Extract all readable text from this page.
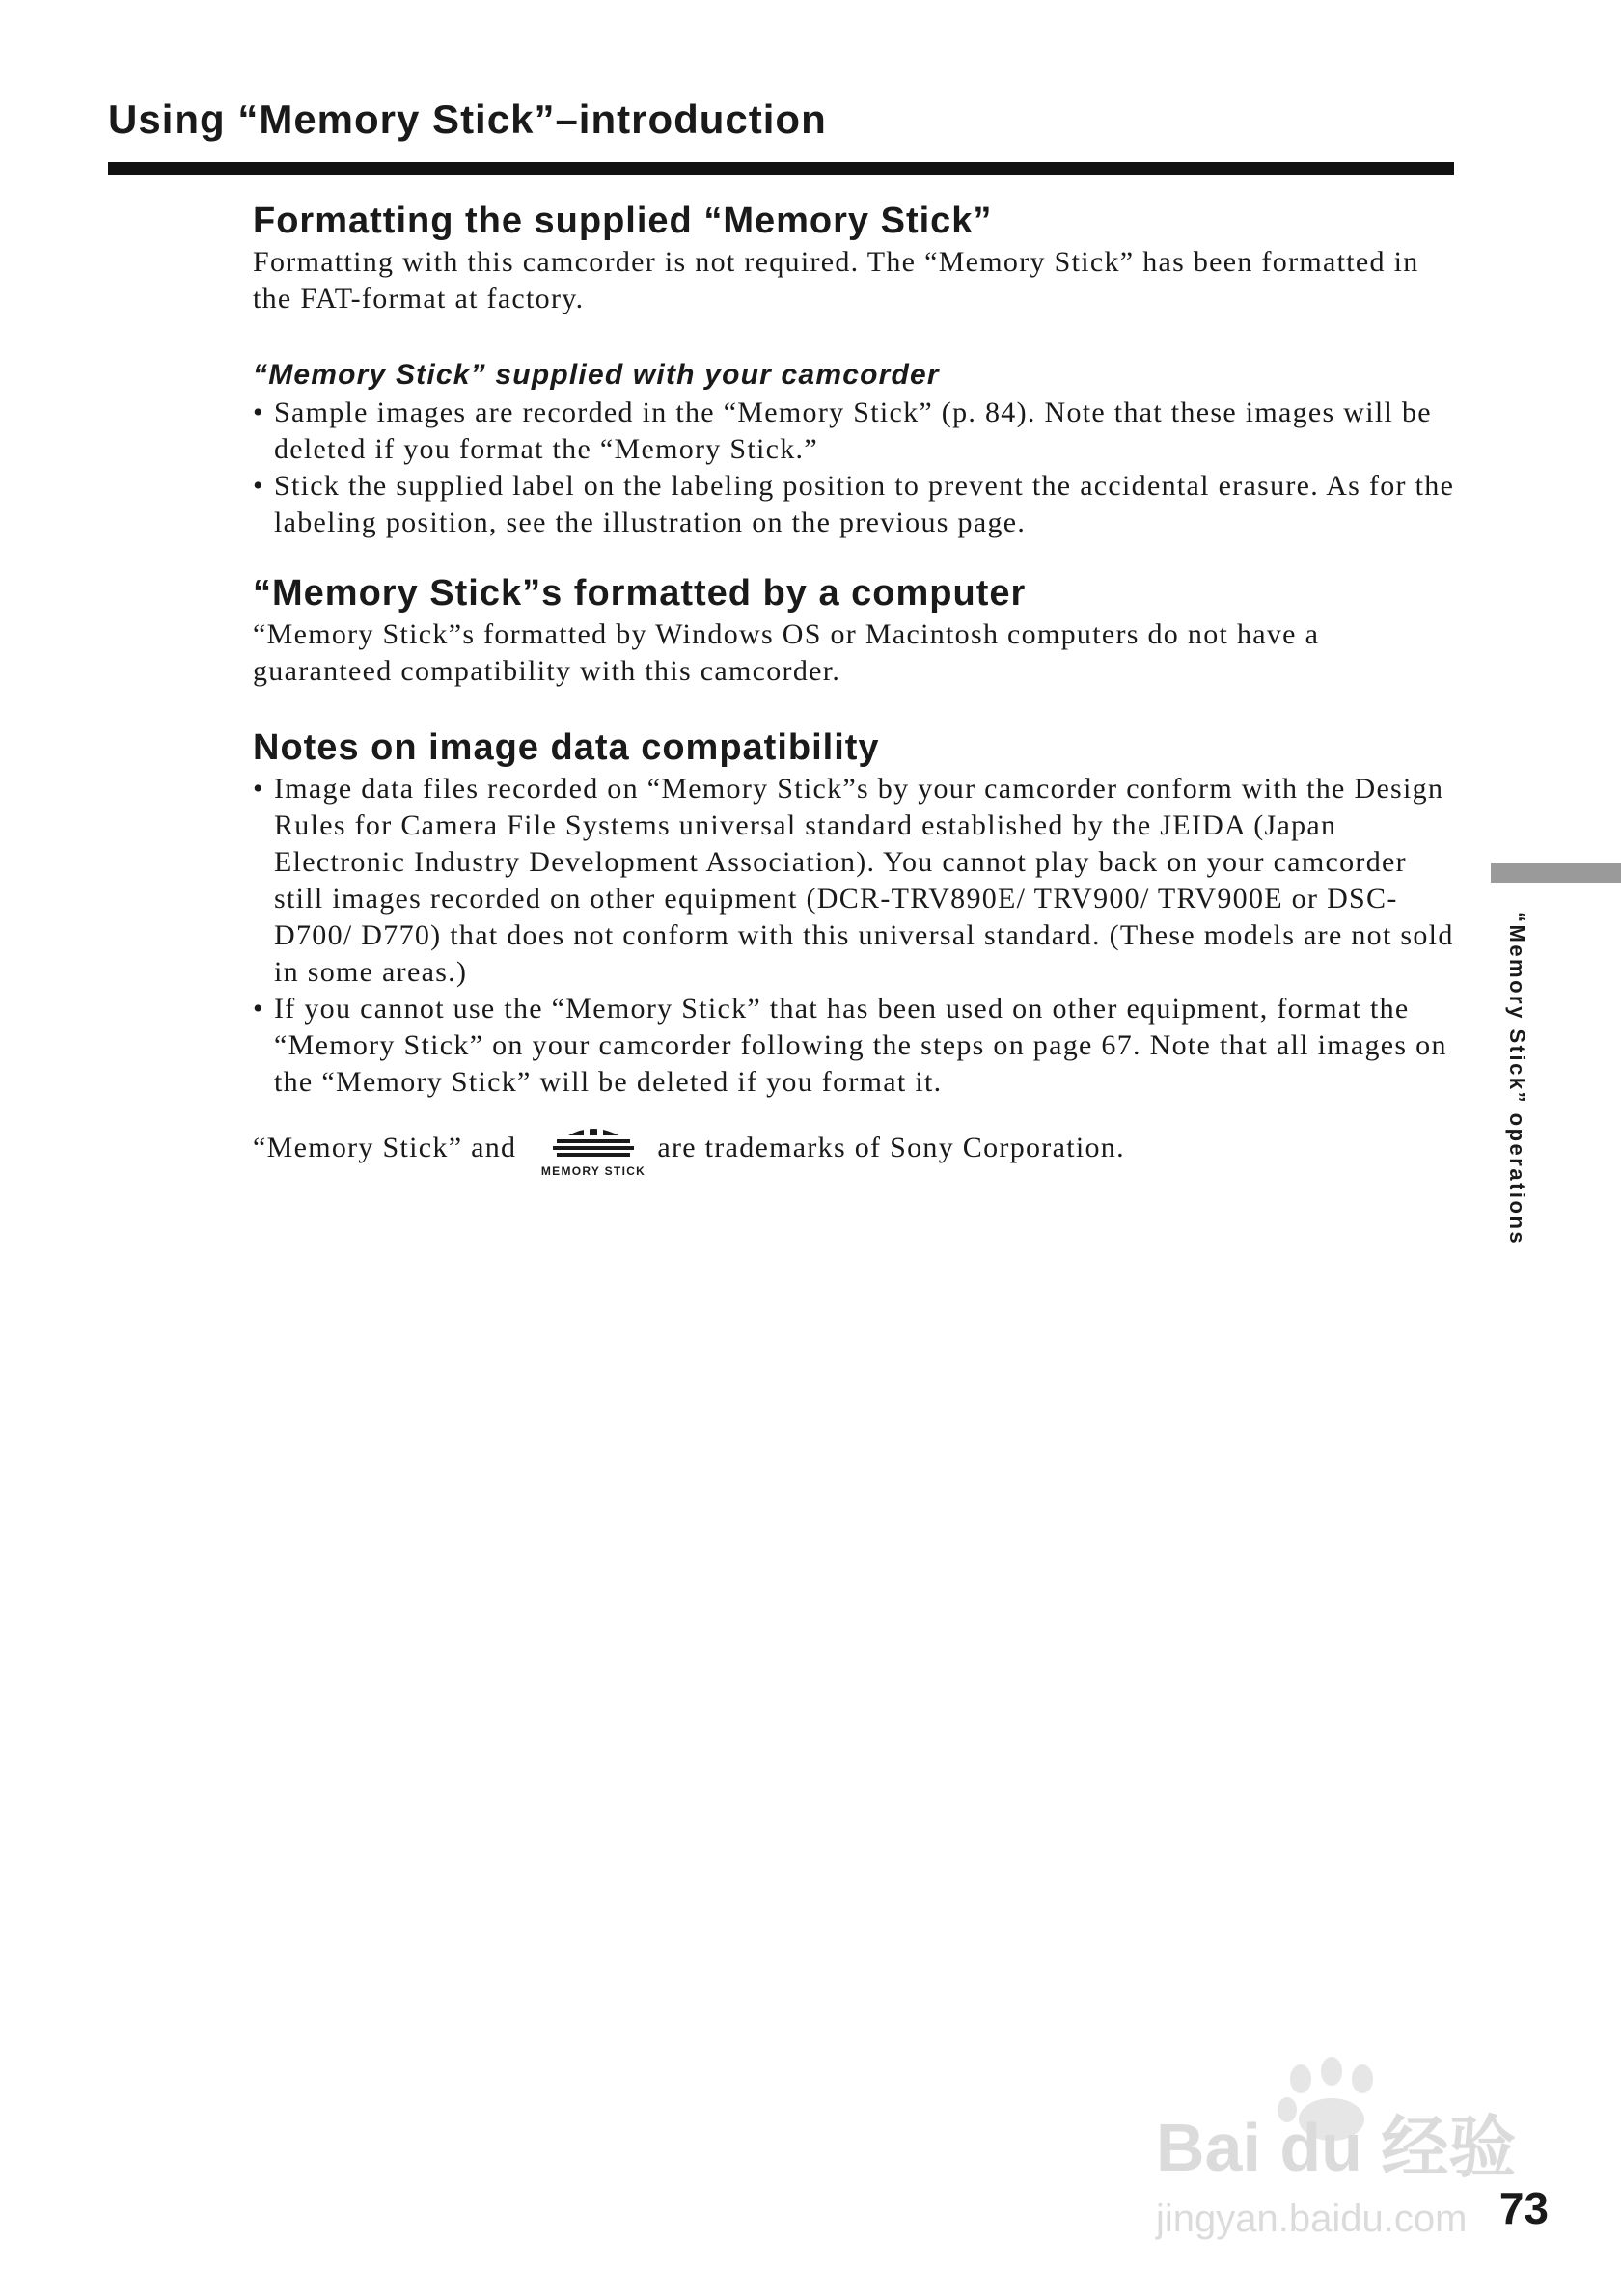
Using “Memory Stick”–introduction
Formatting the supplied “Memory Stick”

Formatting with this camcorder is not required. The “Memory Stick” has been formatted in the FAT-format at factory.

“Memory Stick” supplied with your camcorder
• Sample images are recorded in the “Memory Stick” (p. 84). Note that these images will be deleted if you format the “Memory Stick.”
• Stick the supplied label on the labeling position to prevent the accidental erasure. As for the labeling position, see the illustration on the previous page.
“Memory Stick”s formatted by a computer

“Memory Stick”s formatted by Windows OS or Macintosh computers do not have a guaranteed compatibility with this camcorder.

Notes on image data compatibility
• Image data files recorded on “Memory Stick”s by your camcorder conform with the Design Rules for Camera File Systems universal standard established by the JEIDA (Japan Electronic Industry Development Association). You cannot play back on your camcorder still images recorded on other equipment (DCR-TRV890E/ TRV900/ TRV900E or DSC-D700/ D770) that does not conform with this universal standard. (These models are not sold in some areas.)
• If you cannot use the “Memory Stick” that has been used on other equipment, format the “Memory Stick” on your camcorder following the steps on page 67. Note that all images on the “Memory Stick” will be deleted if you format it.
“Memory Stick” and
MEMORY STICK
are trademarks of Sony Corporation.	“Memory Stick” operations
Bai du 经验
jingyan.baidu.com 73
